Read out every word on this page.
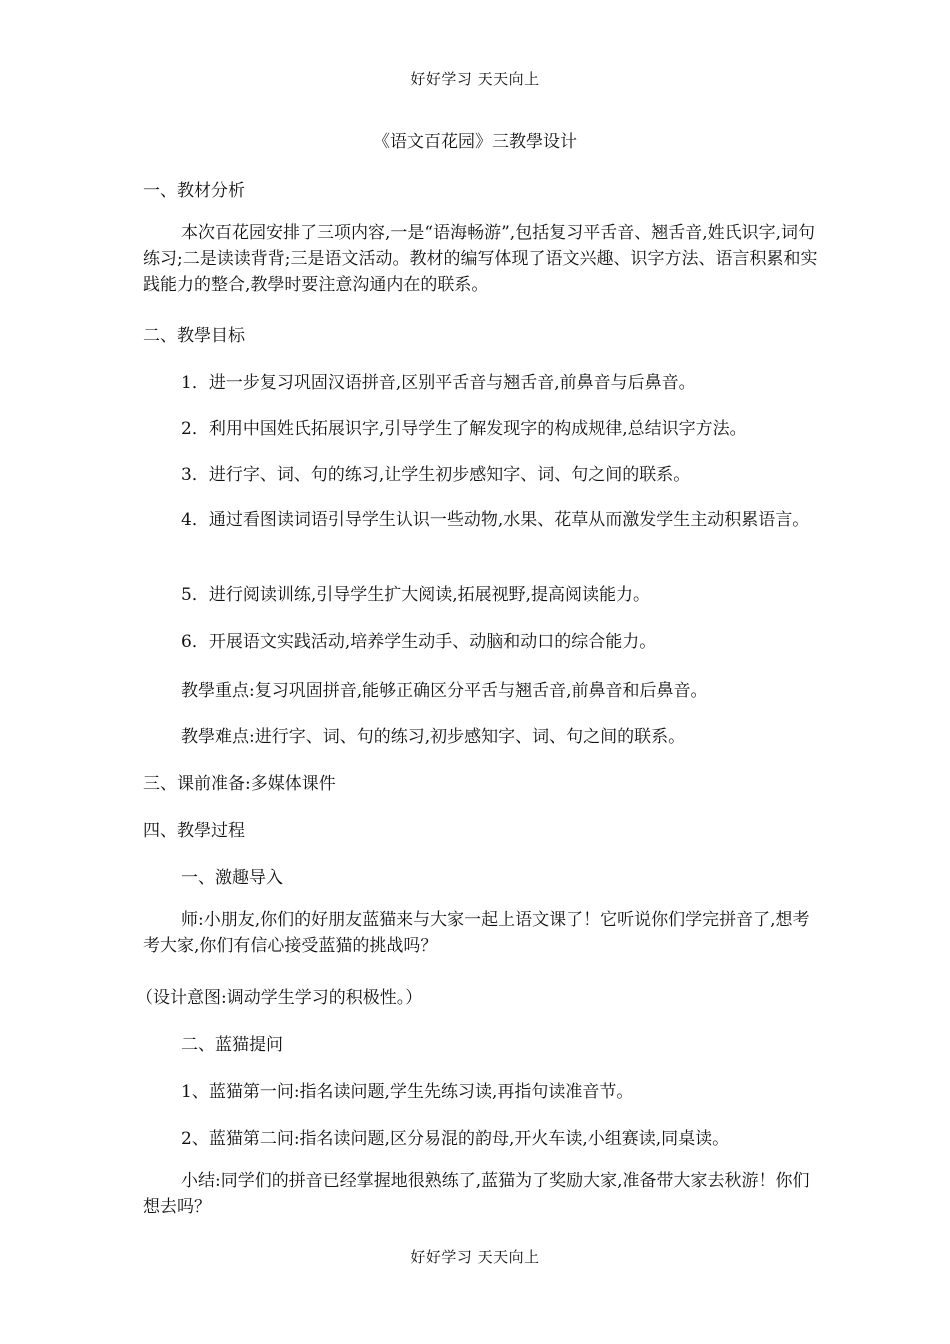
好好学习 天天向上
《语文百花园》三教學设计
一、教材分析
本次百花园安排了三项内容,一是“语海畅游”,包括复习平舌音、翘舌音,姓氏识字,词句练习;二是读读背背;三是语文活动。教材的编写体现了语文兴趣、识字方法、语言积累和实践能力的整合,教學时要注意沟通内在的联系。
二、教學目标
1．进一步复习巩固汉语拼音,区别平舌音与翘舌音,前鼻音与后鼻音。
2．利用中国姓氏拓展识字,引导学生了解发现字的构成规律,总结识字方法。
3．进行字、词、句的练习,让学生初步感知字、词、句之间的联系。
4．通过看图读词语引导学生认识一些动物,水果、花草从而激发学生主动积累语言。
5．进行阅读训练,引导学生扩大阅读,拓展视野,提高阅读能力。
6．开展语文实践活动,培养学生动手、动脑和动口的综合能力。
教學重点:复习巩固拼音,能够正确区分平舌与翘舌音,前鼻音和后鼻音。
教學难点:进行字、词、句的练习,初步感知字、词、句之间的联系。
三、课前准备:多媒体课件
四、教學过程
一、激趣导入
师:小朋友,你们的好朋友蓝猫来与大家一起上语文课了！它听说你们学完拼音了,想考考大家,你们有信心接受蓝猫的挑战吗？
（设计意图:调动学生学习的积极性。）
二、蓝猫提问
1、蓝猫第一问:指名读问题,学生先练习读,再指句读准音节。
2、蓝猫第二问:指名读问题,区分易混的韵母,开火车读,小组赛读,同桌读。
小结:同学们的拼音已经掌握地很熟练了,蓝猫为了奖励大家,准备带大家去秋游！你们想去吗？
好好学习 天天向上
